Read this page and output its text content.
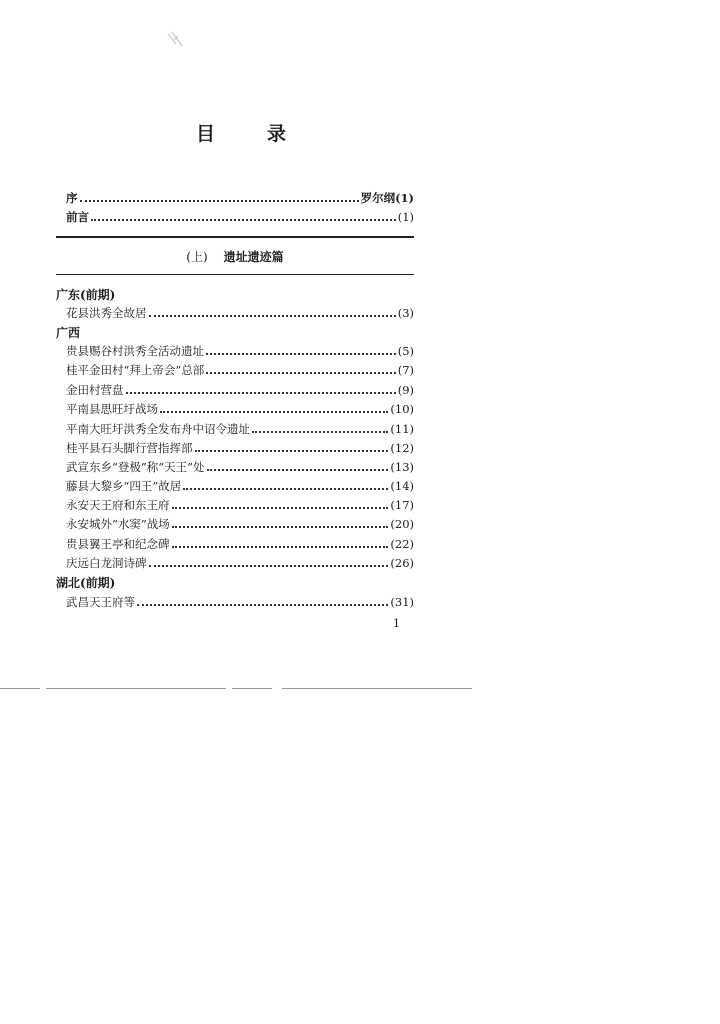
目	录
序	罗尔纲(1)
前言	(1)
(上) 遗址遗迹篇
广东(前期)
花县洪秀全故居	(3)
广西
贵县赐谷村洪秀全活动遗址	(5)
桂平金田村“拜上帝会”总部	(7)
金田村营盘	(9)
平南县思旺圩战场	(10)
平南大旺圩洪秀全发布舟中诏令遗址	(11)
桂平县石头脚行营指挥部	(12)
武宣东乡“登极”称“天王”处	(13)
藤县大黎乡“四王”故居	(14)
永安天王府和东王府	(17)
永安城外“水窦”战场	(20)
贵县翼王亭和纪念碑	(22)
庆远白龙洞诗碑	(26)
湖北(前期)
武昌天王府等	(31)
1
